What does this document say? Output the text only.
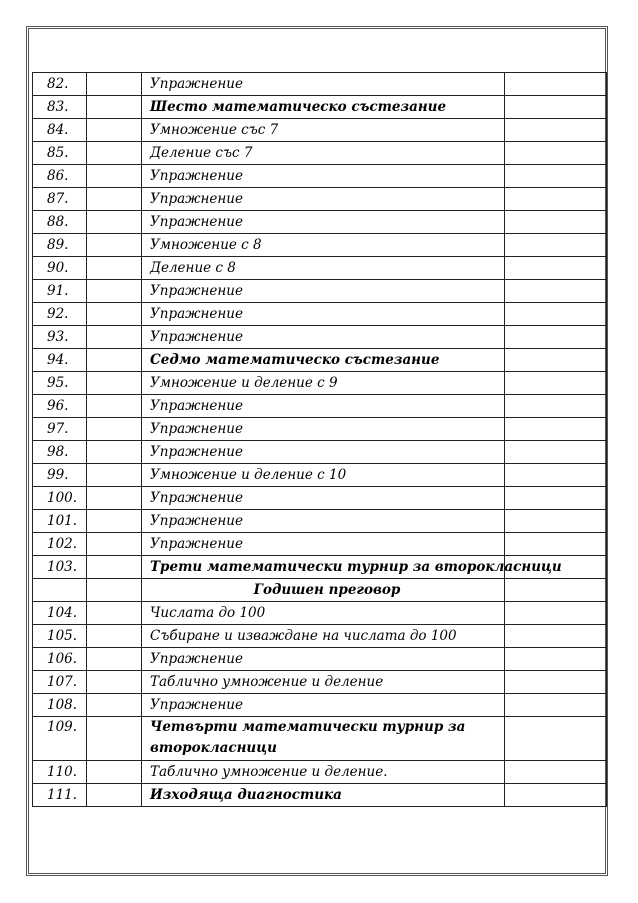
82.		Упражнение	
83.		Шесто математическо състезание	
84.		Умножение със 7	
85.		Деление със 7	
86.		Упражнение	
87.		Упражнение	
88.		Упражнение	
89.		Умножение с 8	
90.		Деление с 8	
91.		Упражнение	
92.		Упражнение	
93.		Упражнение	
94.		Седмо математическо състезание	
95.		Умножение и деление с 9	
96.		Упражнение	
97.		Упражнение	
98.		Упражнение	
99.		Умножение и деление с 10	
100.		Упражнение	
101.		Упражнение	
102.		Упражнение	
103.		Трети математически турнир за второкласници	
		Годишен преговор	
104.		Числата до 100	
105.		Събиране и изваждане на числата до 100	
106.		Упражнение	
107.		Таблично умножение и деление	
108.		Упражнение	
109.		Четвърти математически турнир за второкласници	
110.		Таблично умножение и деление.	
111.		Изходяща диагностика	
